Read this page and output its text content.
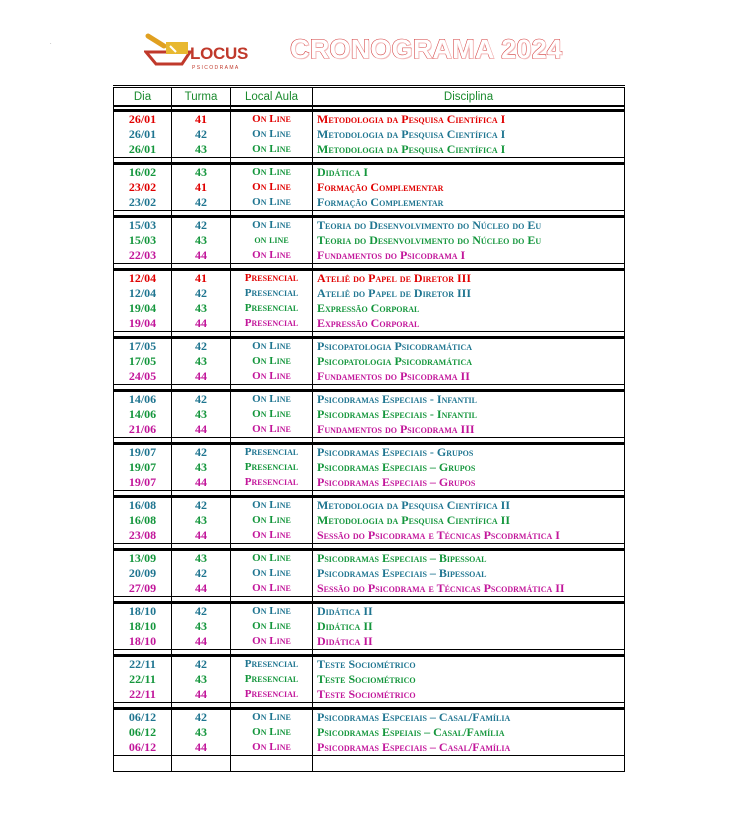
.
LOCUS
PSICODRAMA
CRONOGRAMA 2024
Dia	Turma	Local Aula	Disciplina

26/01	41	On Line	Metodologia da Pesquisa Científica I
26/01	42	On Line	Metodologia da Pesquisa Científica I
26/01	43	On Line	Metodologia da Pesquisa Científica I

16/02	43	On Line	Didática I
23/02	41	On Line	Formação Complementar
23/02	42	On Line	Formação Complementar

15/03	42	On Line	Teoria do Desenvolvimento do Núcleo do Eu
15/03	43	on line	Teoria do Desenvolvimento do Núcleo do Eu
22/03	44	On Line	Fundamentos do Psicodrama I

12/04	41	Presencial	Ateliê do Papel de Diretor III
12/04	42	Presencial	Ateliê do Papel de Diretor III
19/04	43	Presencial	Expressão Corporal
19/04	44	Presencial	Expressão Corporal

17/05	42	On Line	Psicopatologia Psicodramática
17/05	43	On Line	Psicopatologia Psicodramática
24/05	44	On Line	Fundamentos do Psicodrama II

14/06	42	On Line	Psicodramas Especiais - Infantil
14/06	43	On Line	Psicodramas Especiais - Infantil
21/06	44	On Line	Fundamentos do Psicodrama III

19/07	42	Presencial	Psicodramas Especiais - Grupos
19/07	43	Presencial	Psicodramas Especiais – Grupos
19/07	44	Presencial	Psicodramas Especiais – Grupos

16/08	42	On Line	Metodologia da Pesquisa Científica II
16/08	43	On Line	Metodologia da Pesquisa Científica II
23/08	44	On Line	Sessão do Psicodrama e Técnicas Pscodrmática I

13/09	43	On Line	Psicodramas Especiais – Bipessoal
20/09	42	On Line	Psicodramas Especiais – Bipessoal
27/09	44	On Line	Sessão do Psicodrama e Técnicas Pscodrmática II

18/10	42	On Line	Didática II
18/10	43	On Line	Didática II
18/10	44	On Line	Didática II

22/11	42	Presencial	Teste Sociométrico
22/11	43	Presencial	Teste Sociométrico
22/11	44	Presencial	Teste Sociométrico

06/12	42	On Line	Psicodramas Espceiais – Casal/Família
06/12	43	On Line	Psicodramas Espeiais – Casal/Família
06/12	44	On Line	Psicodramas Especiais – Casal/Família
